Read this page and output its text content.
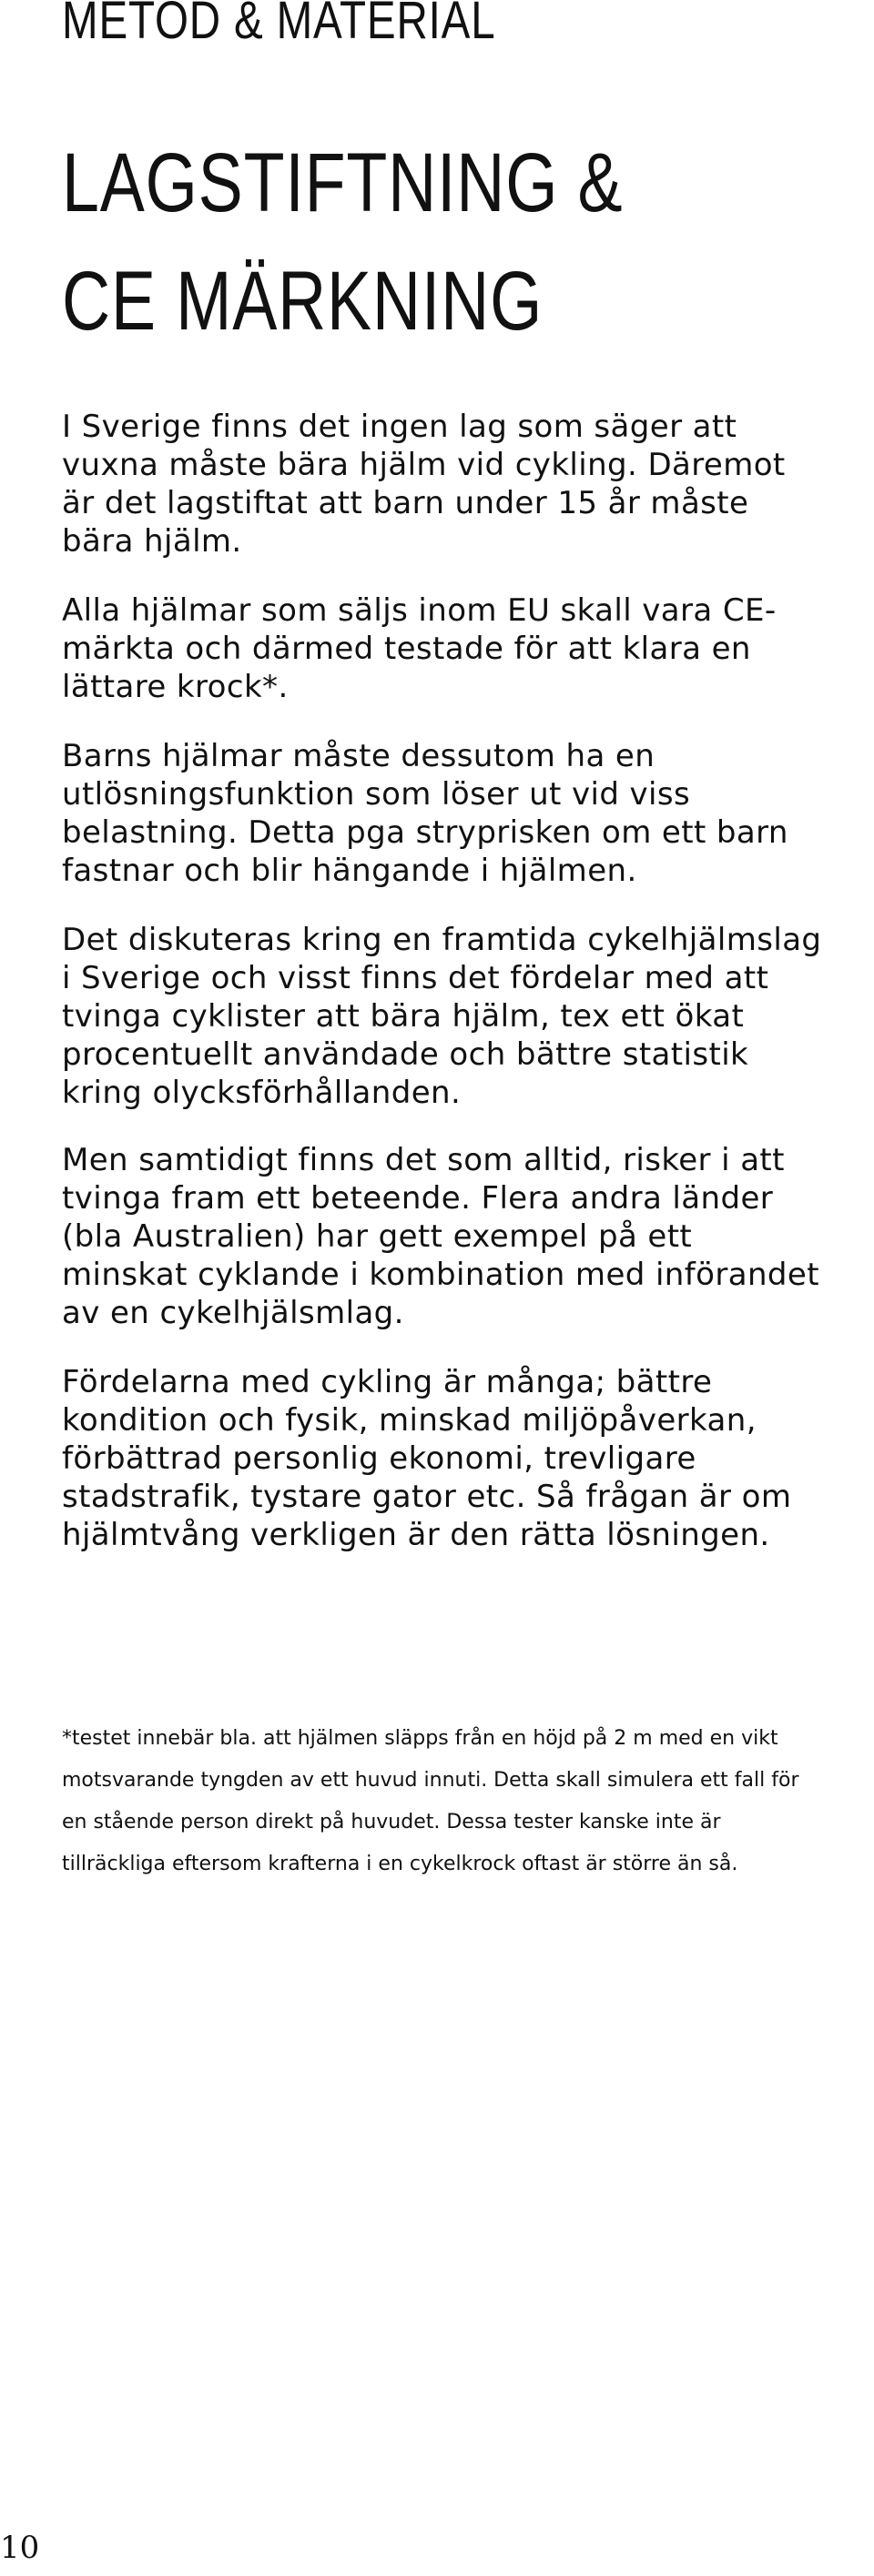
METOD & MATERIAL
LAGSTIFTNING &
CE MÄRKNING

I Sverige finns det ingen lag som säger att vuxna måste bära hjälm vid cykling. Däremot är det lagstiftat att barn under 15 år måste bära hjälm.

Alla hjälmar som säljs inom EU skall vara CE-märkta och därmed testade för att klara en lättare krock*.

Barns hjälmar måste dessutom ha en utlösningsfunktion som löser ut vid viss belastning. Detta pga stryprisken om ett barn fastnar och blir hängande i hjälmen.

Det diskuteras kring en framtida cykelhjälmslag i Sverige och visst finns det fördelar med att tvinga cyklister att bära hjälm, tex ett ökat procentuellt användade och bättre statistik kring olycksförhållanden.

Men samtidigt finns det som alltid, risker i att tvinga fram ett beteende. Flera andra länder (bla Australien) har gett exempel på ett minskat cyklande i kombination med införandet av en cykelhjälsmlag.

Fördelarna med cykling är många; bättre kondition och fysik, minskad miljöpåverkan, förbättrad personlig ekonomi, trevligare stadstrafik, tystare gator etc. Så frågan är om hjälmtvång verkligen är den rätta lösningen.

*testet innebär bla. att hjälmen släpps från en höjd på 2 m med en vikt motsvarande tyngden av ett huvud innuti. Detta skall simulera ett fall för en stående person direkt på huvudet. Dessa tester kanske inte är tillräckliga eftersom krafterna i en cykelkrock oftast är större än så.

10
